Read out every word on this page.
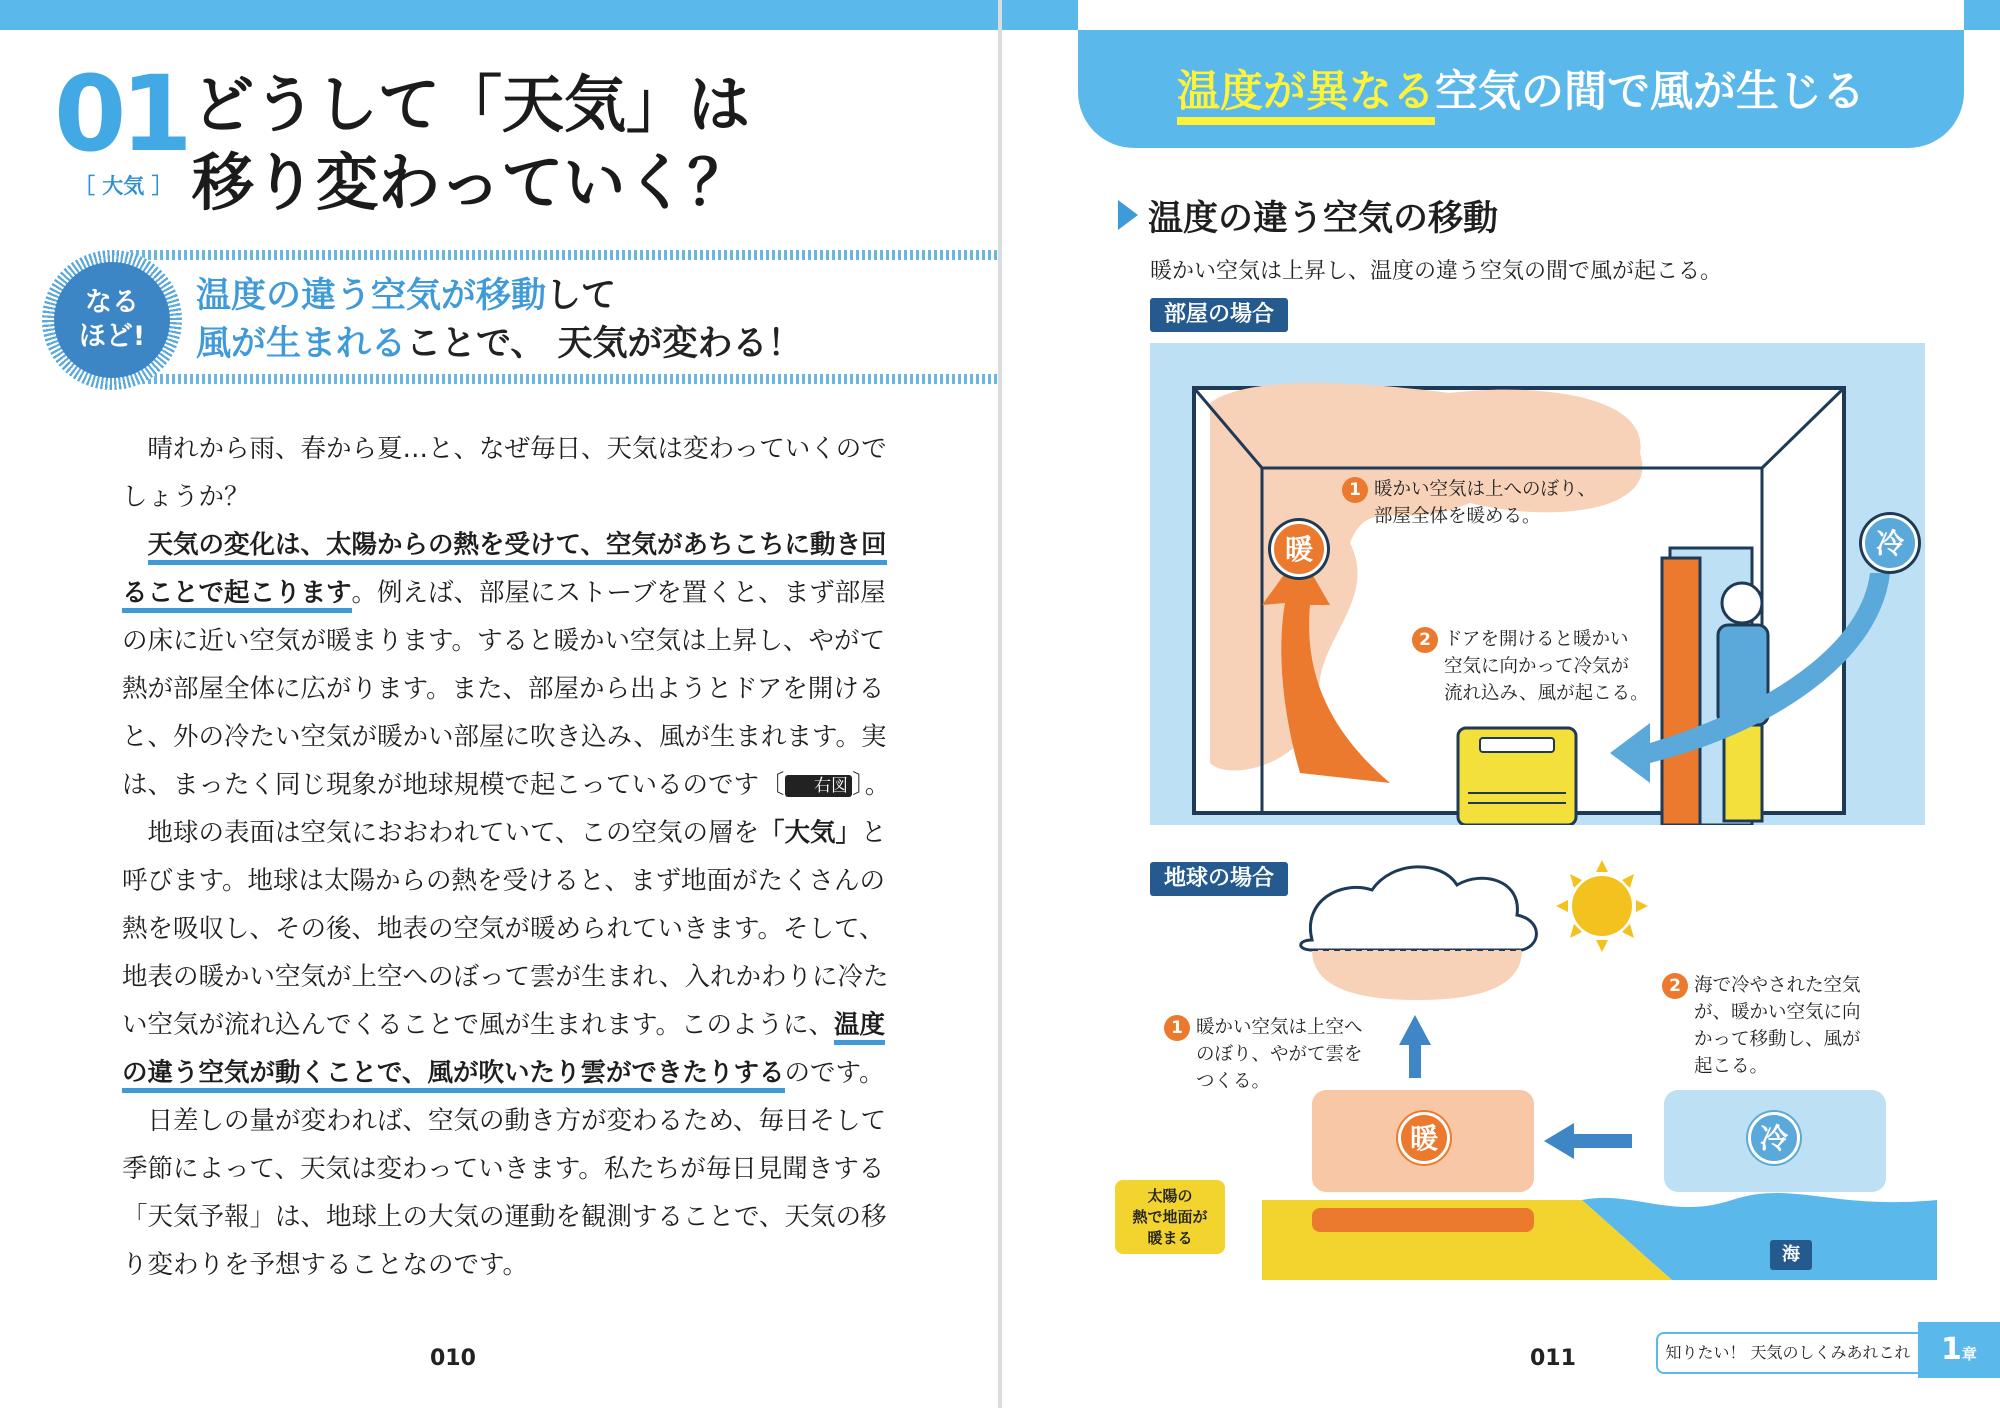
01
［ 大気 ］
どうして「天気」は
移り変わっていく？
なる
ほど!
温度の違う空気が移動して
風が生まれることで、 天気が変わる！

晴れから雨、春から夏…と、なぜ毎日、天気は変わっていくのでしょうか？

天気の変化は、太陽からの熱を受けて、空気があちこちに動き回ることで起こります。例えば、部屋にストーブを置くと、まず部屋の床に近い空気が暖まります。すると暖かい空気は上昇し、やがて熱が部屋全体に広がります。また、部屋から出ようとドアを開けると、外の冷たい空気が暖かい部屋に吹き込み、風が生まれます。実は、まったく同じ現象が地球規模で起こっているのです〔 右図 〕。

地球の表面は空気におおわれていて、この空気の層を「大気」と呼びます。地球は太陽からの熱を受けると、まず地面がたくさんの熱を吸収し、その後、地表の空気が暖められていきます。そして、地表の暖かい空気が上空へのぼって雲が生まれ、入れかわりに冷たい空気が流れ込んでくることで風が生まれます。このように、温度の違う空気が動くことで、風が吹いたり雲ができたりするのです。

日差しの量が変われば、空気の動き方が変わるため、毎日そして季節によって、天気は変わっていきます。私たちが毎日見聞きする「天気予報」は、地球上の大気の運動を観測することで、天気の移り変わりを予想することなのです。

010
温度が異なる空気の間で風が生じる
温度の違う空気の移動
暖かい空気は上昇し、温度の違う空気の間で風が起こる。
部屋の場合
暖	冷
1 暖かい空気は上へのぼり、
部屋全体を暖める。
2 ドアを開けると暖かい
空気に向かって冷気が
流れ込み、風が起こる。
地球の場合
暖	冷
1 暖かい空気は上空へ
のぼり、やがて雲を
つくる。
2 海で冷やされた空気
が、暖かい空気に向
かって移動し、風が
起こる。
太陽の
熱で地面が
暖まる
海
011	知りたい！ 天気のしくみあれこれ	1章
